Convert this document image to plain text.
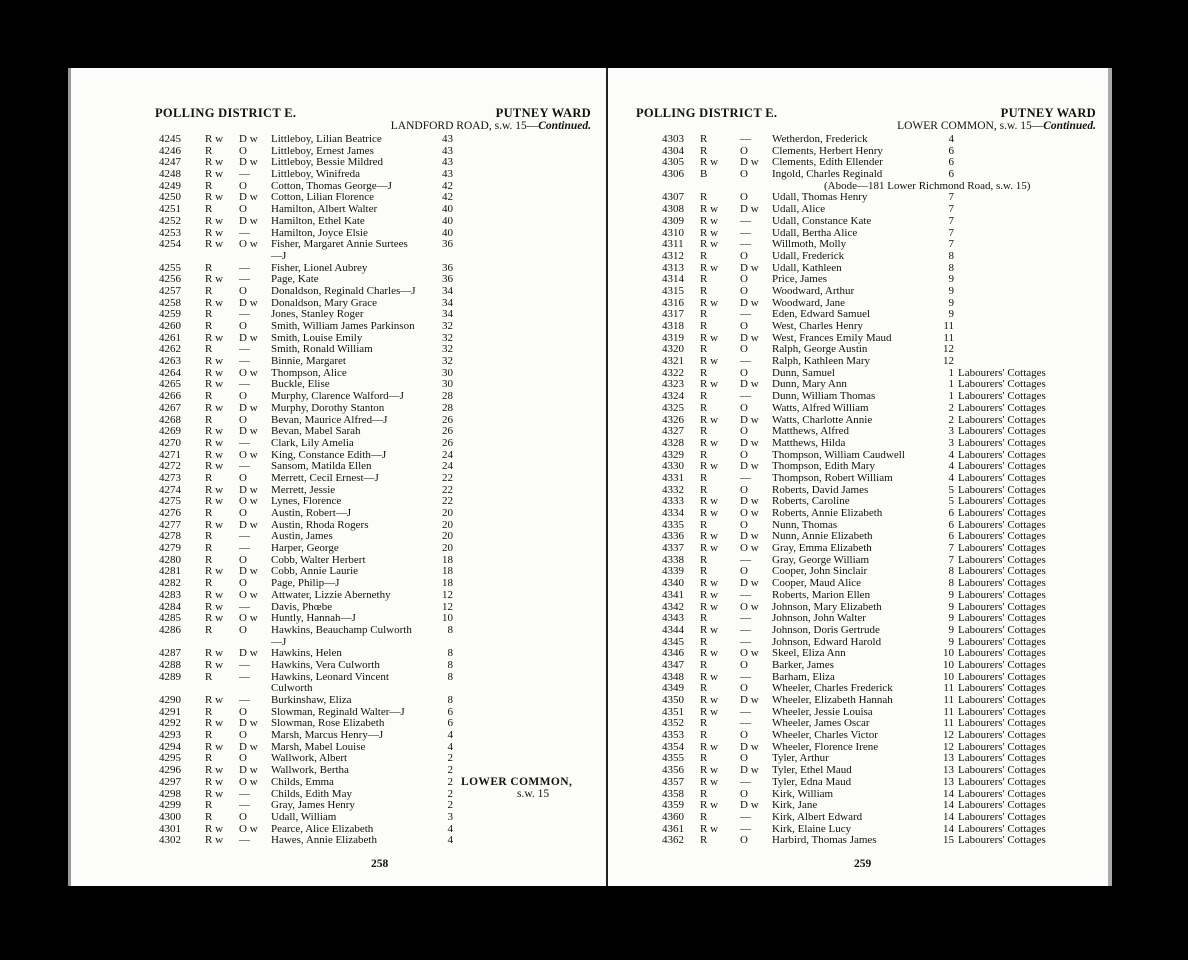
POLLING DISTRICT E.	PUTNEY WARD
LANDFORD ROAD, s.w. 15—Continued.
4245 R w D w Littleboy, Lilian Beatrice	43
4246 R O Littleboy, Ernest James	43
4247 R w D w Littleboy, Bessie Mildred	43
4248 R w — Littleboy, Winifreda	43
4249 R O Cotton, Thomas George—J	42
4250 R w D w Cotton, Lilian Florence	42
4251 R O Hamilton, Albert Walter	40
4252 R w D w Hamilton, Ethel Kate	40
4253 R w — Hamilton, Joyce Elsie	40
4254 R w O w Fisher, Margaret Annie Surtees	36
—J
4255 R — Fisher, Lionel Aubrey	36
4256 R w — Page, Kate	36
4257 R O Donaldson, Reginald Charles—J	34
4258 R w D w Donaldson, Mary Grace	34
4259 R — Jones, Stanley Roger	34
4260 R O Smith, William James Parkinson	32
4261 R w D w Smith, Louise Emily	32
4262 R — Smith, Ronald William	32
4263 R w — Binnie, Margaret	32
4264 R w O w Thompson, Alice	30
4265 R w — Buckle, Elise	30
4266 R O Murphy, Clarence Walford—J	28
4267 R w D w Murphy, Dorothy Stanton	28
4268 R O Bevan, Maurice Alfred—J	26
4269 R w D w Bevan, Mabel Sarah	26
4270 R w — Clark, Lily Amelia	26
4271 R w O w King, Constance Edith—J	24
4272 R w — Sansom, Matilda Ellen	24
4273 R O Merrett, Cecil Ernest—J	22
4274 R w D w Merrett, Jessie	22
4275 R w O w Lynes, Florence	22
4276 R O Austin, Robert—J	20
4277 R w D w Austin, Rhoda Rogers	20
4278 R — Austin, James	20
4279 R — Harper, George	20
4280 R O Cobb, Walter Herbert	18
4281 R w D w Cobb, Annie Laurie	18
4282 R O Page, Philip—J	18
4283 R w O w Attwater, Lizzie Abernethy	12
4284 R w — Davis, Phœbe	12
4285 R w O w Huntly, Hannah—J	10
4286 R O Hawkins, Beauchamp Culworth	8
—J
4287 R w D w Hawkins, Helen	8
4288 R w — Hawkins, Vera Culworth	8
4289 R — Hawkins, Leonard Vincent	8
Culworth
4290 R w — Burkinshaw, Eliza	8
4291 R O Slowman, Reginald Walter—J	6
4292 R w D w Slowman, Rose Elizabeth	6
4293 R O Marsh, Marcus Henry—J	4
4294 R w D w Marsh, Mabel Louise	4
4295 R O Wallwork, Albert	2
4296 R w D w Wallwork, Bertha	2
4297 R w O w Childs, Emma	2
4298 R w — Childs, Edith May	2
4299 R — Gray, James Henry	2
4300 R O Udall, William	3
4301 R w O w Pearce, Alice Elizabeth	4
4302 R w — Hawes, Annie Elizabeth	4
LOWER COMMON,
s.w. 15
258
POLLING DISTRICT E.	PUTNEY WARD
LOWER COMMON, s.w. 15—Continued.
4303 R	— Wetherdon, Frederick	4
4304 R	O Clements, Herbert Henry	6
4305 R w D w Clements, Edith Ellender	6
4306 B	O Ingold, Charles Reginald	6
(Abode—181 Lower Richmond Road, s.w. 15)
4307 R	O Udall, Thomas Henry	7
4308 R w D w Udall, Alice	7
4309 R w — Udall, Constance Kate	7
4310 R w — Udall, Bertha Alice	7
4311 R w — Willmoth, Molly	7
4312 R	O Udall, Frederick	8
4313 R w D w Udall, Kathleen	8
4314 R	O Price, James	9
4315 R	O Woodward, Arthur	9
4316 R w D w Woodward, Jane	9
4317 R	— Eden, Edward Samuel	9
4318 R	O West, Charles Henry	11
4319 R w D w West, Frances Emily Maud	11
4320 R	O Ralph, George Austin	12
4321 R w — Ralph, Kathleen Mary	12
4322 R	O Dunn, Samuel	1 Labourers' Cottages
4323 R w D w Dunn, Mary Ann	1 Labourers' Cottages
4324 R	— Dunn, William Thomas	1 Labourers' Cottages
4325 R	O Watts, Alfred William	2 Labourers' Cottages
4326 R w D w Watts, Charlotte Annie	2 Labourers' Cottages
4327 R	O Matthews, Alfred	3 Labourers' Cottages
4328 R w D w Matthews, Hilda	3 Labourers' Cottages
4329 R	O Thompson, William Caudwell	4 Labourers' Cottages
4330 R w D w Thompson, Edith Mary	4 Labourers' Cottages
4331 R	— Thompson, Robert William	4 Labourers' Cottages
4332 R	O Roberts, David James	5 Labourers' Cottages
4333 R w D w Roberts, Caroline	5 Labourers' Cottages
4334 R w O w Roberts, Annie Elizabeth	6 Labourers' Cottages
4335 R	O Nunn, Thomas	6 Labourers' Cottages
4336 R w D w Nunn, Annie Elizabeth	6 Labourers' Cottages
4337 R w O w Gray, Emma Elizabeth	7 Labourers' Cottages
4338 R	— Gray, George William	7 Labourers' Cottages
4339 R	O Cooper, John Sinclair	8 Labourers' Cottages
4340 R w D w Cooper, Maud Alice	8 Labourers' Cottages
4341 R w — Roberts, Marion Ellen	9 Labourers' Cottages
4342 R w O w Johnson, Mary Elizabeth	9 Labourers' Cottages
4343 R	— Johnson, John Walter	9 Labourers' Cottages
4344 R w — Johnson, Doris Gertrude	9 Labourers' Cottages
4345 R	— Johnson, Edward Harold	9 Labourers' Cottages
4346 R w O w Skeel, Eliza Ann	10 Labourers' Cottages
4347 R	O Barker, James	10 Labourers' Cottages
4348 R w — Barham, Eliza	10 Labourers' Cottages
4349 R	O Wheeler, Charles Frederick	11 Labourers' Cottages
4350 R w D w Wheeler, Elizabeth Hannah	11 Labourers' Cottages
4351 R w — Wheeler, Jessie Louisa	11 Labourers' Cottages
4352 R	— Wheeler, James Oscar	11 Labourers' Cottages
4353 R	O Wheeler, Charles Victor	12 Labourers' Cottages
4354 R w D w Wheeler, Florence Irene	12 Labourers' Cottages
4355 R	O Tyler, Arthur	13 Labourers' Cottages
4356 R w D w Tyler, Ethel Maud	13 Labourers' Cottages
4357 R w — Tyler, Edna Maud	13 Labourers' Cottages
4358 R	O Kirk, William	14 Labourers' Cottages
4359 R w D w Kirk, Jane	14 Labourers' Cottages
4360 R	— Kirk, Albert Edward	14 Labourers' Cottages
4361 R w — Kirk, Elaine Lucy	14 Labourers' Cottages
4362 R	O Harbird, Thomas James	15 Labourers' Cottages
259
